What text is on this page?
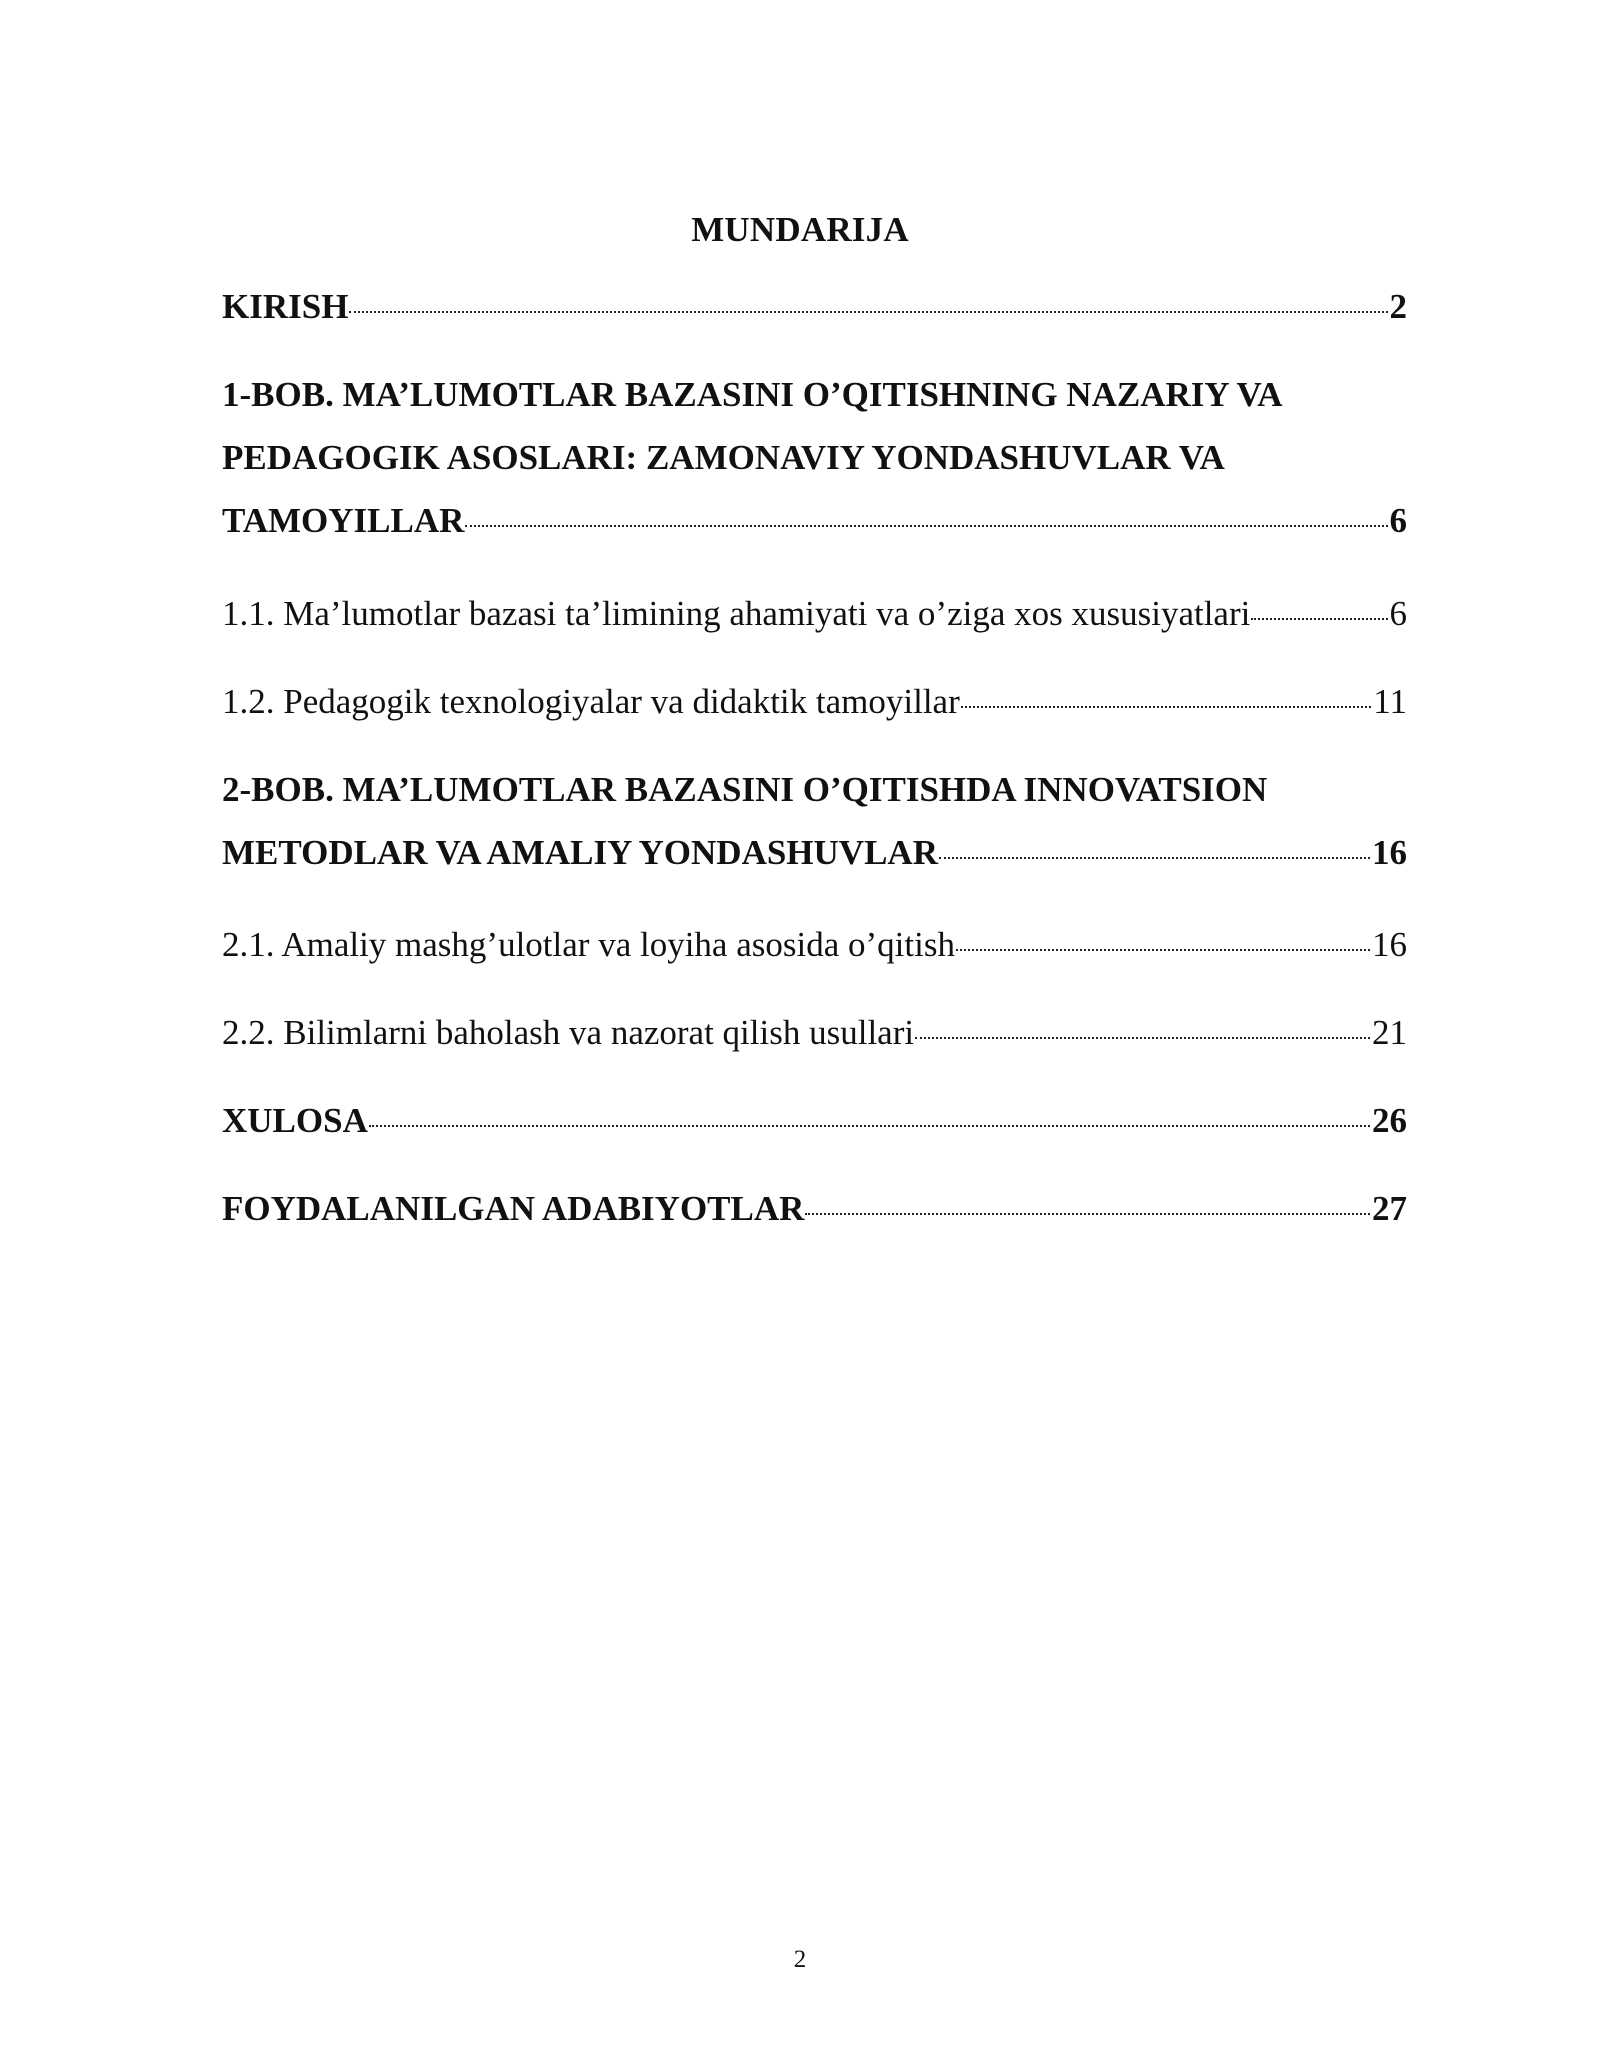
MUNDARIJA
KIRISH	2
1-BOB. MA’LUMOTLAR BAZASINI O’QITISHNING NAZARIY VA
PEDAGOGIK ASOSLARI: ZAMONAVIY YONDASHUVLAR VA
TAMOYILLAR	6
1.1. Ma’lumotlar bazasi ta’limining ahamiyati va o’ziga xos xususiyatlari	6
1.2. Pedagogik texnologiyalar va didaktik tamoyillar	11
2-BOB. MA’LUMOTLAR BAZASINI O’QITISHDA INNOVATSION
METODLAR VA AMALIY YONDASHUVLAR	16
2.1. Amaliy mashg’ulotlar va loyiha asosida o’qitish	16
2.2. Bilimlarni baholash va nazorat qilish usullari	21
XULOSA	26
FOYDALANILGAN ADABIYOTLAR	27
2
